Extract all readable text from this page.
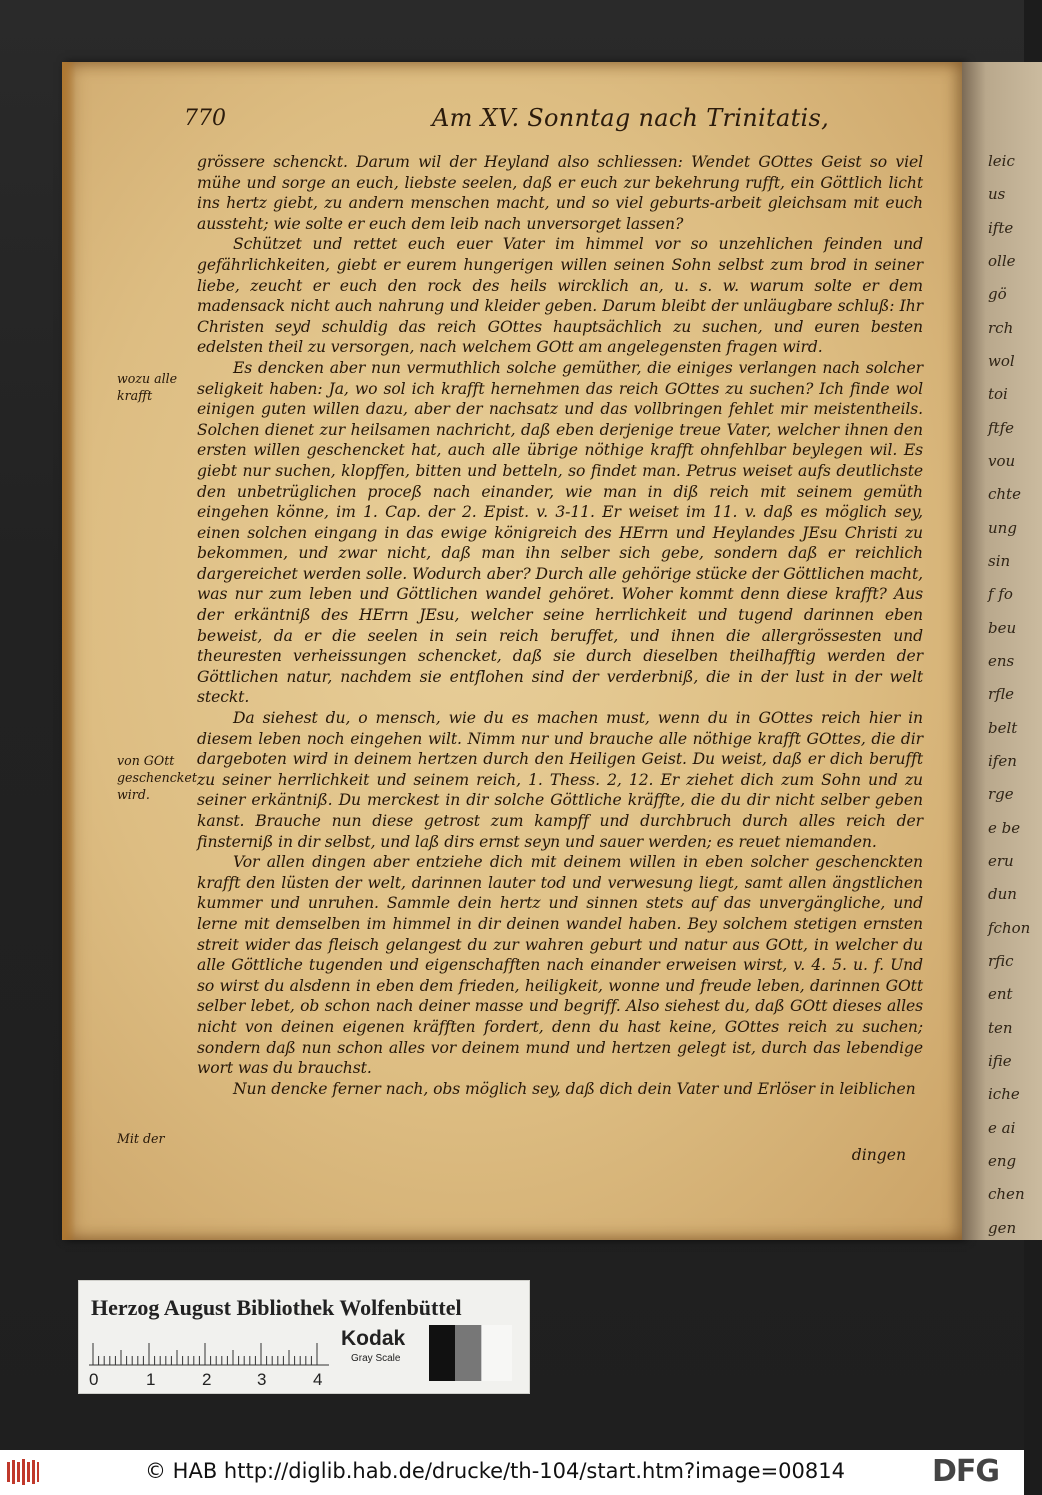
770	Am XV. Sonntag nach Trinitatis,

grössere schenckt. Darum wil der Heyland also schliessen: Wendet GOttes Geist so viel mühe und sorge an euch, liebste seelen, daß er euch zur bekehrung rufft, ein Göttlich licht ins hertz giebt, zu andern menschen macht, und so viel geburts-arbeit gleichsam mit euch aussteht; wie solte er euch dem leib nach unversorget lassen?

Schützet und rettet euch euer Vater im himmel vor so unzehlichen feinden und gefährlichkeiten, giebt er eurem hungerigen willen seinen Sohn selbst zum brod in seiner liebe, zeucht er euch den rock des heils wircklich an, u. s. w. warum solte er dem madensack nicht auch nahrung und kleider geben. Darum bleibt der unläugbare schluß: Ihr Christen seyd schuldig das reich GOttes hauptsächlich zu suchen, und euren besten edelsten theil zu versorgen, nach welchem GOtt am angelegensten fragen wird.

Es dencken aber nun vermuthlich solche gemüther, die einiges verlangen nach solcher seligkeit haben: Ja, wo sol ich krafft hernehmen das reich GOttes zu suchen? Ich finde wol einigen guten willen dazu, aber der nachsatz und das vollbringen fehlet mir meistentheils. Solchen dienet zur heilsamen nachricht, daß eben derjenige treue Vater, welcher ihnen den ersten willen geschencket hat, auch alle übrige nöthige krafft ohnfehlbar beylegen wil. Es giebt nur suchen, klopffen, bitten und betteln, so findet man. Petrus weiset aufs deutlichste den unbetrüglichen proceß nach einander, wie man in diß reich mit seinem gemüth eingehen könne, im 1. Cap. der 2. Epist. v. 3-11. Er weiset im 11. v. daß es möglich sey, einen solchen eingang in das ewige königreich des HErrn und Heylandes JEsu Christi zu bekommen, und zwar nicht, daß man ihn selber sich gebe, sondern daß er reichlich dargereichet werden solle. Wodurch aber? Durch alle gehörige stücke der Göttlichen macht, was nur zum leben und Göttlichen wandel gehöret. Woher kommt denn diese krafft? Aus der erkäntniß des HErrn JEsu, welcher seine herrlichkeit und tugend darinnen eben beweist, da er die seelen in sein reich beruffet, und ihnen die allergrössesten und theuresten verheissungen schencket, daß sie durch dieselben theilhafftig werden der Göttlichen natur, nachdem sie entflohen sind der verderbniß, die in der lust in der welt steckt.

Da siehest du, o mensch, wie du es machen must, wenn du in GOttes reich hier in diesem leben noch eingehen wilt. Nimm nur und brauche alle nöthige krafft GOttes, die dir dargeboten wird in deinem hertzen durch den Heiligen Geist. Du weist, daß er dich berufft zu seiner herrlichkeit und seinem reich, 1. Thess. 2, 12. Er ziehet dich zum Sohn und zu seiner erkäntniß. Du merckest in dir solche Göttliche kräffte, die du dir nicht selber geben kanst. Brauche nun diese getrost zum kampff und durchbruch durch alles reich der finsterniß in dir selbst, und laß dirs ernst seyn und sauer werden; es reuet niemanden.

Vor allen dingen aber entziehe dich mit deinem willen in eben solcher geschenckten krafft den lüsten der welt, darinnen lauter tod und verwesung liegt, samt allen ängstlichen kummer und unruhen. Sammle dein hertz und sinnen stets auf das unvergängliche, und lerne mit demselben im himmel in dir deinen wandel haben. Bey solchem stetigen ernsten streit wider das fleisch gelangest du zur wahren geburt und natur aus GOtt, in welcher du alle Göttliche tugenden und eigenschafften nach einander erweisen wirst, v. 4. 5. u. f. Und so wirst du alsdenn in eben dem frieden, heiligkeit, wonne und freude leben, darinnen GOtt selber lebet, ob schon nach deiner masse und begriff. Also siehest du, daß GOtt dieses alles nicht von deinen eigenen kräfften fordert, denn du hast keine, GOttes reich zu suchen; sondern daß nun schon alles vor deinem mund und hertzen gelegt ist, durch das lebendige wort was du brauchst.

Nun dencke ferner nach, obs möglich sey, daß dich dein Vater und Erlöser in leiblichen

wozu alle krafft
von GOtt geschencket wird.
Mit der
dingen
leic
us
ifte
olle
gö
rch
wol
toi
ftfe
vou
chte
ung
sin
f fo
beu
ens
rfle
belt
ifen
rge
e be
eru
dun
fchon
rfic
ent
ten
ifie
iche
e ai
eng
chen
gen
Herzog August Bibliothek Wolfenbüttel
0	1	2	3	4
Kodak
Gray Scale
© HAB http://diglib.hab.de/drucke/th-104/start.htm?image=00814	DFG
